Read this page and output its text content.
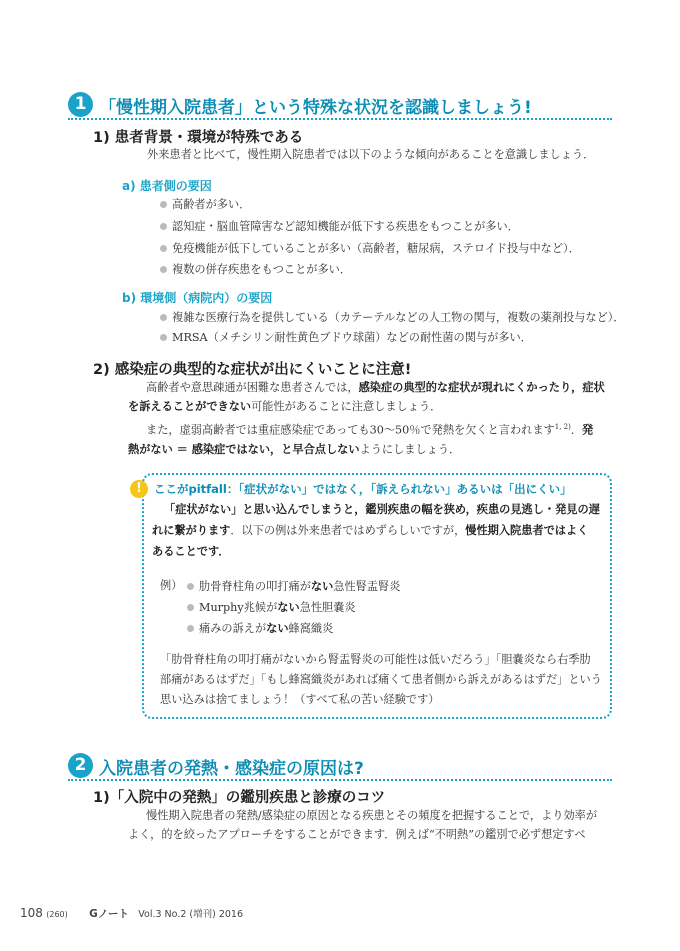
1 「慢性期入院患者」という特殊な状況を認識しましょう!
1) 患者背景・環境が特殊である
外来患者と比べて，慢性期入院患者では以下のような傾向があることを意識しましょう．
a) 患者側の要因
高齢者が多い．
認知症・脳血管障害など認知機能が低下する疾患をもつことが多い．
免疫機能が低下していることが多い（高齢者，糖尿病，ステロイド投与中など）．
複数の併存疾患をもつことが多い．
b) 環境側（病院内）の要因
複雑な医療行為を提供している（カテーテルなどの人工物の関与，複数の薬剤投与など）．
MRSA（メチシリン耐性黄色ブドウ球菌）などの耐性菌の関与が多い．
2) 感染症の典型的な症状が出にくいことに注意!
高齢者や意思疎通が困難な患者さんでは，感染症の典型的な症状が現れにくかったり，症状
を訴えることができない可能性があることに注意しましょう．
また，虚弱高齢者では重症感染症であっても30～50％で発熱を欠くと言われます$^{1, 2)}$．発
熱がない ＝ 感染症ではない，と早合点しないようにしましょう．
!	ここがpitfall：「症状がない」ではなく，「訴えられない」あるいは「出にくい」
「症状がない」と思い込んでしまうと，鑑別疾患の幅を狭め，疾患の見逃し・発見の遅
れに繋がります．以下の例は外来患者ではめずらしいですが，慢性期入院患者ではよく
あることです．
例）	肋骨脊柱角の叩打痛がない急性腎盂腎炎
Murphy兆候がない急性胆嚢炎
痛みの訴えがない蜂窩織炎
「肋骨脊柱角の叩打痛がないから腎盂腎炎の可能性は低いだろう」「胆嚢炎なら右季肋
部痛があるはずだ」「もし蜂窩織炎があれば痛くて患者側から訴えがあるはずだ」という
思い込みは捨てましょう！（すべて私の苦い経験です）
2 入院患者の発熱・感染症の原因は?
1)「入院中の発熱」の鑑別疾患と診療のコツ
慢性期入院患者の発熱/感染症の原因となる疾患とその頻度を把握することで，より効率が
よく，的を絞ったアプローチをすることができます．例えば“不明熱”の鑑別で必ず想定すべ
108 (260) Gノート Vol.3 No.2 (増刊) 2016
